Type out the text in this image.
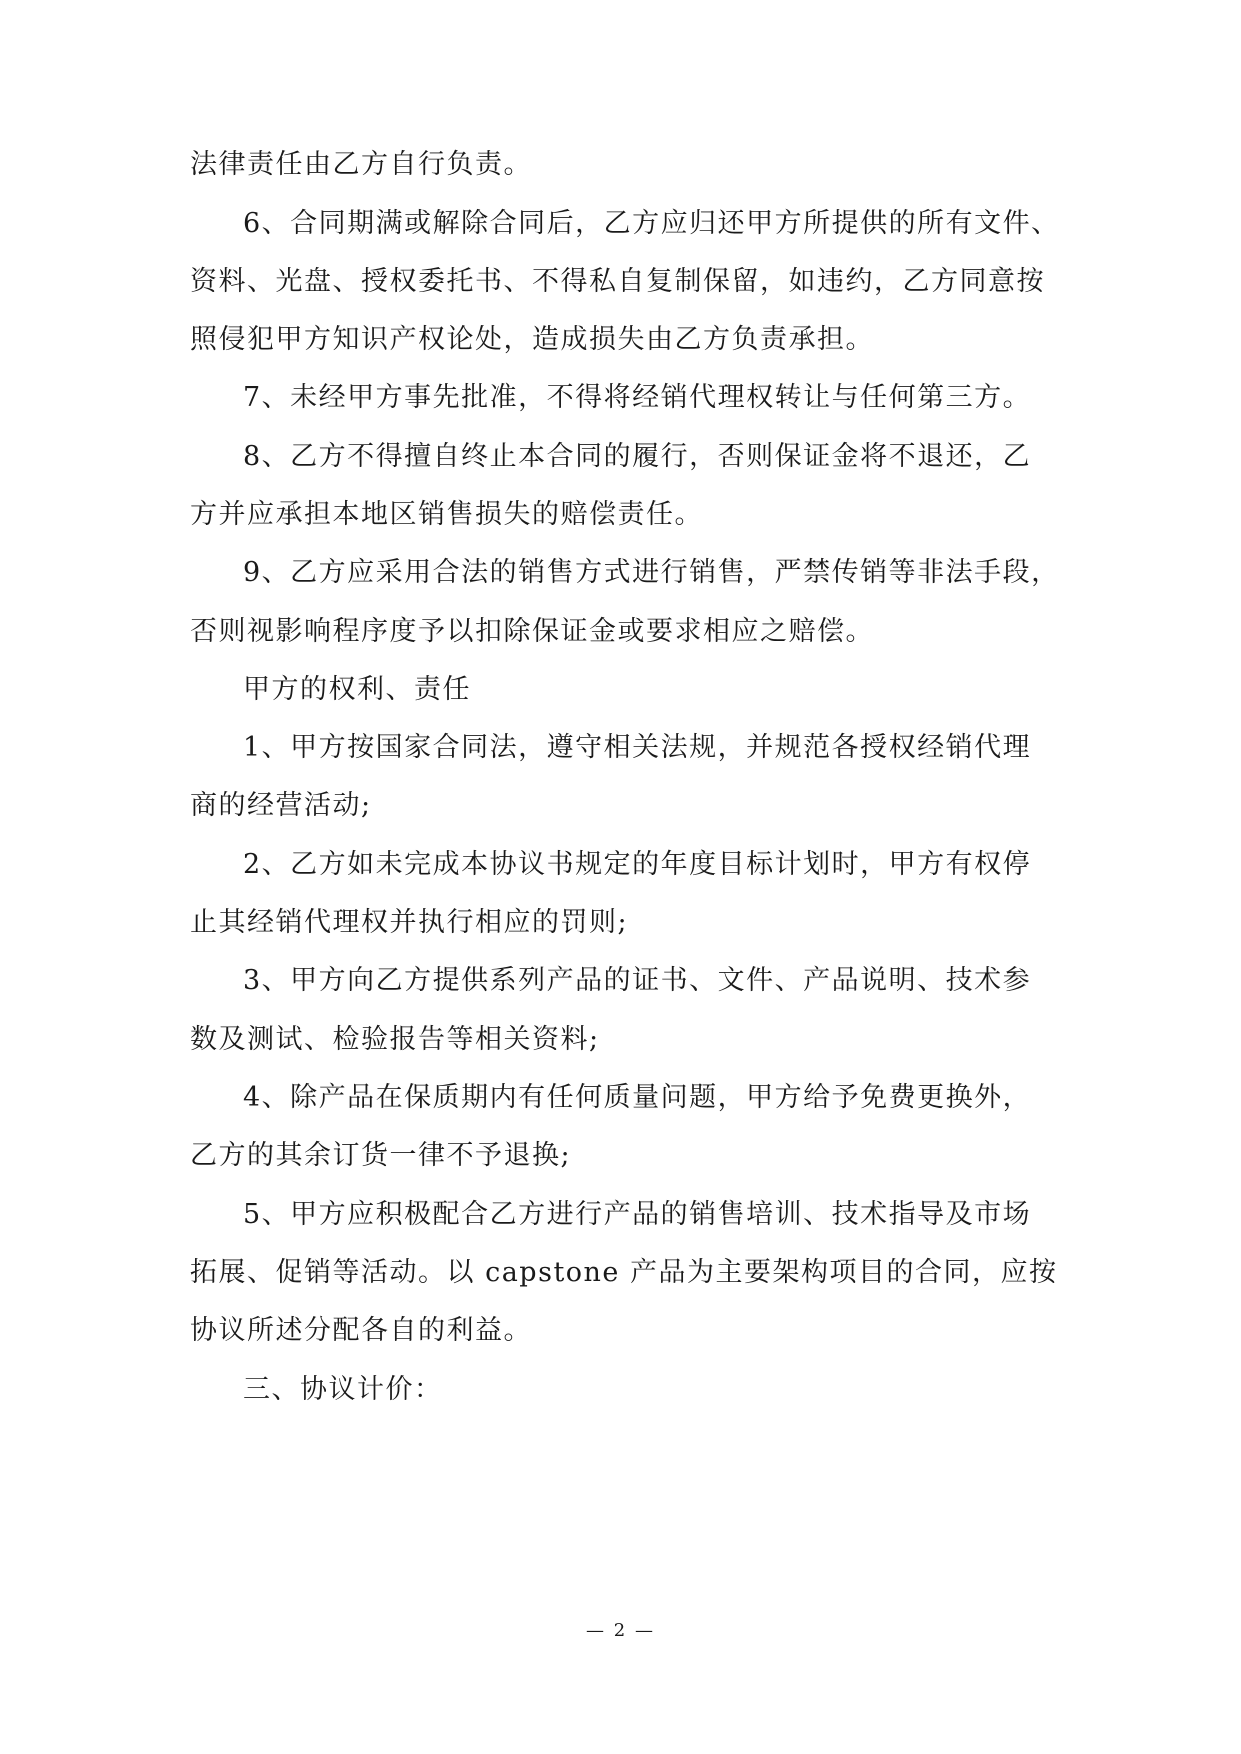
法律责任由乙方自行负责。
6、合同期满或解除合同后，乙方应归还甲方所提供的所有文件、
资料、光盘、授权委托书、不得私自复制保留，如违约，乙方同意按
照侵犯甲方知识产权论处，造成损失由乙方负责承担。
7、未经甲方事先批准，不得将经销代理权转让与任何第三方。
8、乙方不得擅自终止本合同的履行，否则保证金将不退还，乙
方并应承担本地区销售损失的赔偿责任。
9、乙方应采用合法的销售方式进行销售，严禁传销等非法手段，
否则视影响程序度予以扣除保证金或要求相应之赔偿。
甲方的权利、责任
1、甲方按国家合同法，遵守相关法规，并规范各授权经销代理
商的经营活动;
2、乙方如未完成本协议书规定的年度目标计划时，甲方有权停
止其经销代理权并执行相应的罚则;
3、甲方向乙方提供系列产品的证书、文件、产品说明、技术参
数及测试、检验报告等相关资料;
4、除产品在保质期内有任何质量问题，甲方给予免费更换外，
乙方的其余订货一律不予退换;
5、甲方应积极配合乙方进行产品的销售培训、技术指导及市场
拓展、促销等活动。以 capstone 产品为主要架构项目的合同，应按
协议所述分配各自的利益。
三、协议计价：
— 2 —
